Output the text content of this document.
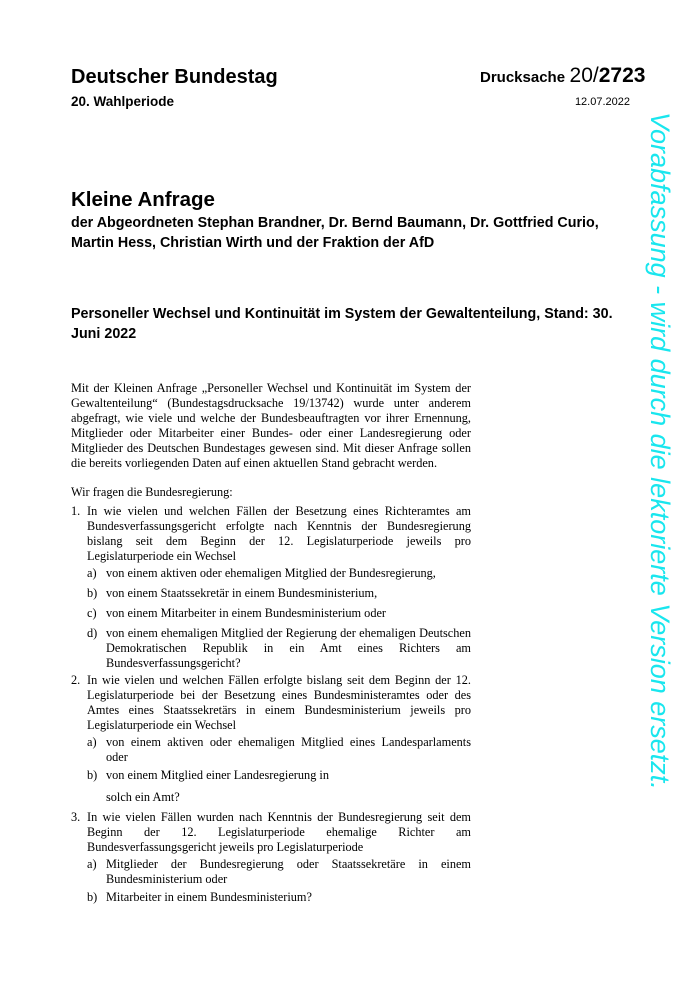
Deutscher Bundestag
20. Wahlperiode
Drucksache 20/2723
12.07.2022
Vorabfassung - wird durch die lektorierte Version ersetzt.
Kleine Anfrage
der Abgeordneten Stephan Brandner, Dr. Bernd Baumann, Dr. Gottfried Curio, Martin Hess, Christian Wirth und der Fraktion der AfD
Personeller Wechsel und Kontinuität im System der Gewaltenteilung, Stand: 30. Juni 2022
Mit der Kleinen Anfrage „Personeller Wechsel und Kontinuität im System der Gewaltenteilung“ (Bundestagsdrucksache 19/13742) wurde unter anderem abgefragt, wie viele und welche der Bundesbeauftragten vor ihrer Ernennung, Mitglieder oder Mitarbeiter einer Bundes- oder einer Landesregierung oder Mitglieder des Deutschen Bundestages gewesen sind. Mit dieser Anfrage sollen die bereits vorliegenden Daten auf einen aktuellen Stand gebracht werden.
Wir fragen die Bundesregierung:
1. In wie vielen und welchen Fällen der Besetzung eines Richteramtes am Bundesverfassungsgericht erfolgte nach Kenntnis der Bundesregierung bislang seit dem Beginn der 12. Legislaturperiode jeweils pro Legislaturperiode ein Wechsel
a) von einem aktiven oder ehemaligen Mitglied der Bundesregierung,
b) von einem Staatssekretär in einem Bundesministerium,
c) von einem Mitarbeiter in einem Bundesministerium oder
d) von einem ehemaligen Mitglied der Regierung der ehemaligen Deutschen Demokratischen Republik in ein Amt eines Richters am Bundesverfassungsgericht?
2. In wie vielen und welchen Fällen erfolgte bislang seit dem Beginn der 12. Legislaturperiode bei der Besetzung eines Bundesministeramtes oder des Amtes eines Staatssekretärs in einem Bundesministerium jeweils pro Legislaturperiode ein Wechsel
a) von einem aktiven oder ehemaligen Mitglied eines Landesparlaments oder
b) von einem Mitglied einer Landesregierung in
solch ein Amt?
3. In wie vielen Fällen wurden nach Kenntnis der Bundesregierung seit dem Beginn der 12. Legislaturperiode ehemalige Richter am Bundesverfassungsgericht jeweils pro Legislaturperiode
a) Mitglieder der Bundesregierung oder Staatssekretäre in einem Bundesministerium oder
b) Mitarbeiter in einem Bundesministerium?
